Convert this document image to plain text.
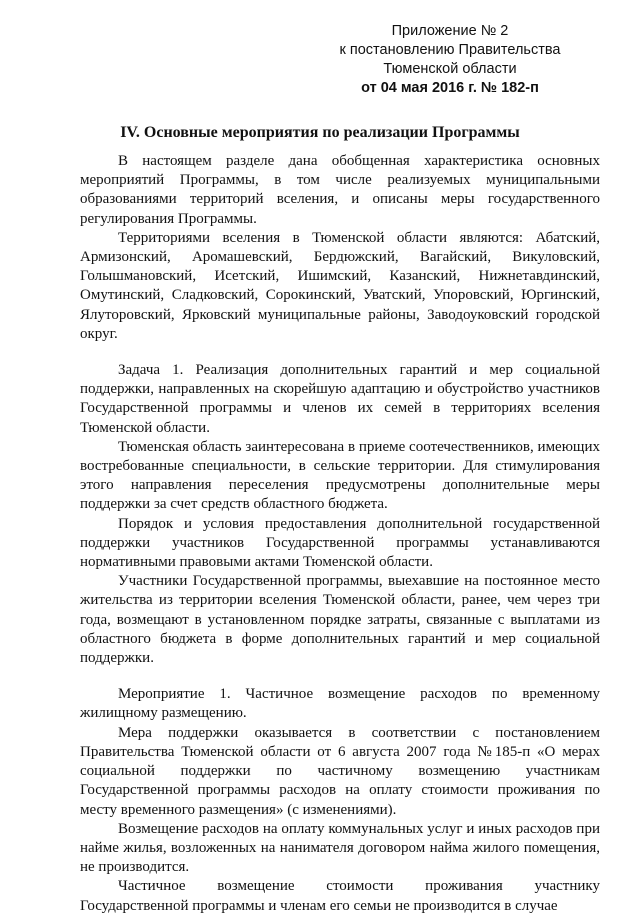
Приложение № 2
к постановлению Правительства
Тюменской области
от 04 мая 2016 г. № 182-п
IV. Основные мероприятия по реализации Программы

В настоящем разделе дана обобщенная характеристика основных мероприятий Программы, в том числе реализуемых муниципальными образованиями территорий вселения, и описаны меры государственного регулирования Программы.

Территориями вселения в Тюменской области являются: Абатский, Армизонский, Аромашевский, Бердюжский, Вагайский, Викуловский, Голышмановский, Исетский, Ишимский, Казанский, Нижнетавдинский, Омутинский, Сладковский, Сорокинский, Уватский, Упоровский, Юргинский, Ялуторовский, Ярковский муниципальные районы, Заводоуковский городской округ.

Задача 1. Реализация дополнительных гарантий и мер социальной поддержки, направленных на скорейшую адаптацию и обустройство участников Государственной программы и членов их семей в территориях вселения Тюменской области.

Тюменская область заинтересована в приеме соотечественников, имеющих востребованные специальности, в сельские территории. Для стимулирования этого направления переселения предусмотрены дополнительные меры поддержки за счет средств областного бюджета.

Порядок и условия предоставления дополнительной государственной поддержки участников Государственной программы устанавливаются нормативными правовыми актами Тюменской области.

Участники Государственной программы, выехавшие на постоянное место жительства из территории вселения Тюменской области, ранее, чем через три года, возмещают в установленном порядке затраты, связанные с выплатами из областного бюджета в форме дополнительных гарантий и мер социальной поддержки.

Мероприятие 1. Частичное возмещение расходов по временному жилищному размещению.

Мера поддержки оказывается в соответствии с постановлением Правительства Тюменской области от 6 августа 2007 года №185-п «О мерах социальной поддержки по частичному возмещению участникам Государственной программы расходов на оплату стоимости проживания по месту временного размещения» (с изменениями).

Возмещение расходов на оплату коммунальных услуг и иных расходов при найме жилья, возложенных на нанимателя договором найма жилого помещения, не производится.

Частичное возмещение стоимости проживания участнику Государственной программы и членам его семьи не производится в случае
